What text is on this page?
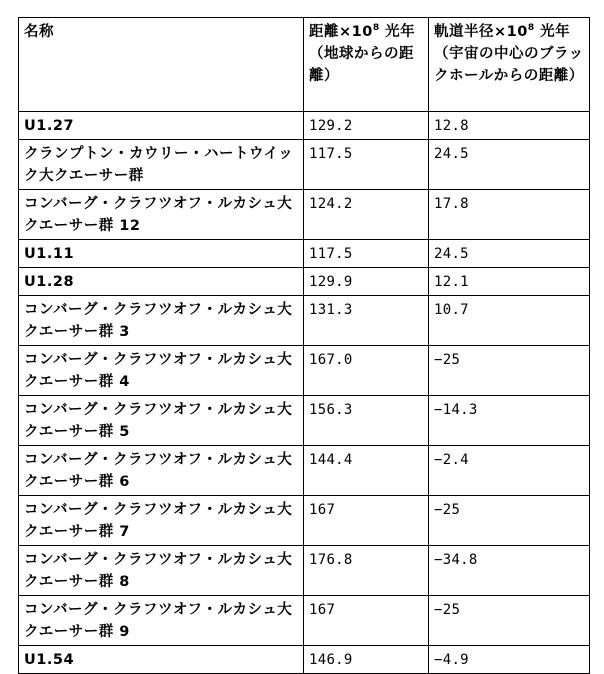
名称	距離$\times 10^8$ 光年（地球からの距離）	軌道半径$\times 10^8$ 光年（宇宙の中心のブラックホールからの距離）
U1.27	129.2	12.8
クランプトン・カウリー・ハートウイック大クエーサー群	117.5	24.5
コンバーグ・クラフツオフ・ルカシュ大クエーサー群 12	124.2	17.8
U1.11	117.5	24.5
U1.28	129.9	12.1
コンバーグ・クラフツオフ・ルカシュ大クエーサー群 3	131.3	10.7
コンバーグ・クラフツオフ・ルカシュ大クエーサー群 4	167.0	−25
コンバーグ・クラフツオフ・ルカシュ大クエーサー群 5	156.3	−14.3
コンバーグ・クラフツオフ・ルカシュ大クエーサー群 6	144.4	−2.4
コンバーグ・クラフツオフ・ルカシュ大クエーサー群 7	167	−25
コンバーグ・クラフツオフ・ルカシュ大クエーサー群 8	176.8	−34.8
コンバーグ・クラフツオフ・ルカシュ大クエーサー群 9	167	−25
U1.54	146.9	−4.9
